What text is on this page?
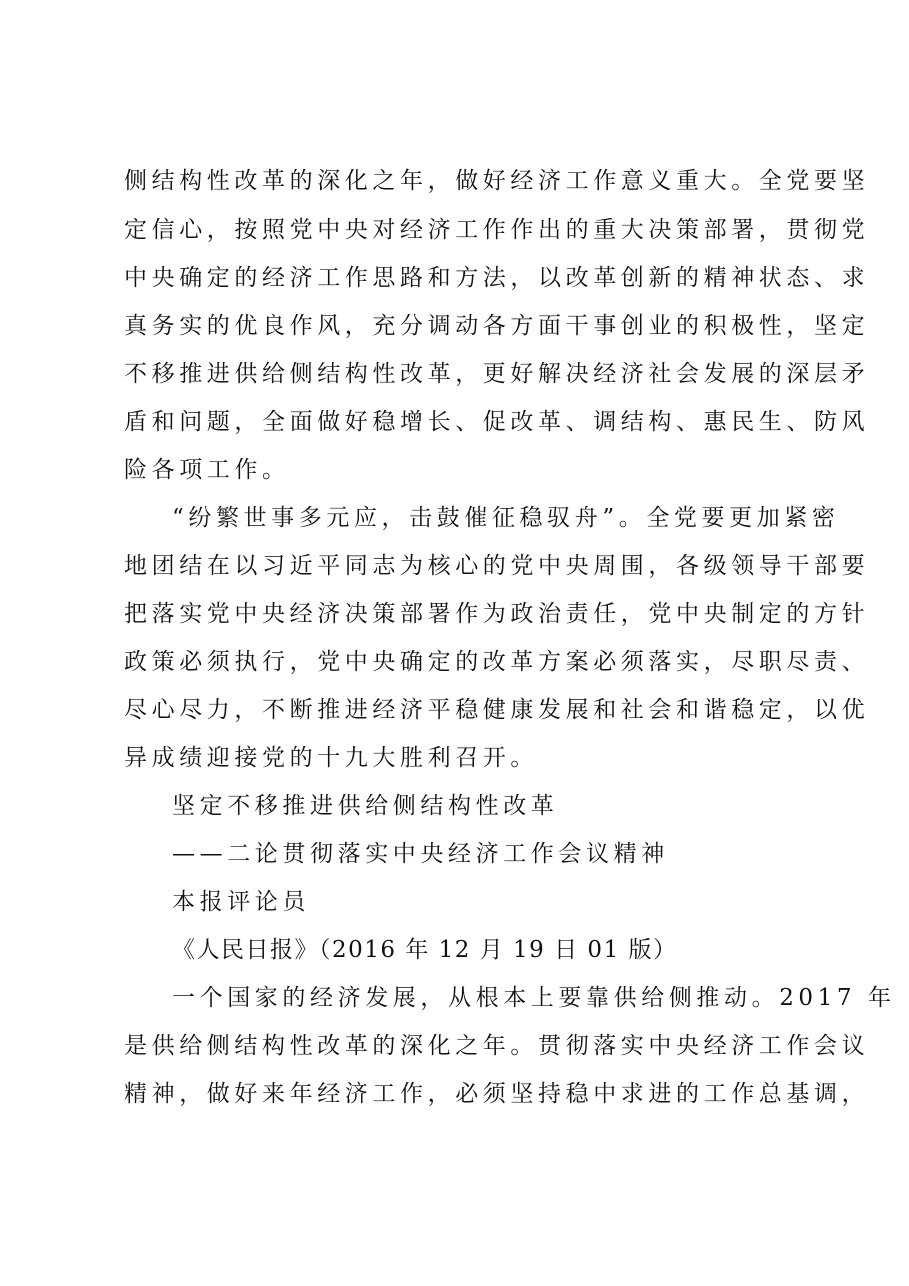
侧结构性改革的深化之年，做好经济工作意义重大。全党要坚
定信心，按照党中央对经济工作作出的重大决策部署，贯彻党
中央确定的经济工作思路和方法，以改革创新的精神状态、求
真务实的优良作风，充分调动各方面干事创业的积极性，坚定
不移推进供给侧结构性改革，更好解决经济社会发展的深层矛
盾和问题，全面做好稳增长、促改革、调结构、惠民生、防风
险各项工作。
“纷繁世事多元应，击鼓催征稳驭舟”。全党要更加紧密
地团结在以习近平同志为核心的党中央周围，各级领导干部要
把落实党中央经济决策部署作为政治责任，党中央制定的方针
政策必须执行，党中央确定的改革方案必须落实，尽职尽责、
尽心尽力，不断推进经济平稳健康发展和社会和谐稳定，以优
异成绩迎接党的十九大胜利召开。
坚定不移推进供给侧结构性改革
——二论贯彻落实中央经济工作会议精神
本报评论员
《人民日报》（2016 年 12 月 19 日 01 版）
一个国家的经济发展，从根本上要靠供给侧推动。2017 年
是供给侧结构性改革的深化之年。贯彻落实中央经济工作会议
精神，做好来年经济工作，必须坚持稳中求进的工作总基调，
